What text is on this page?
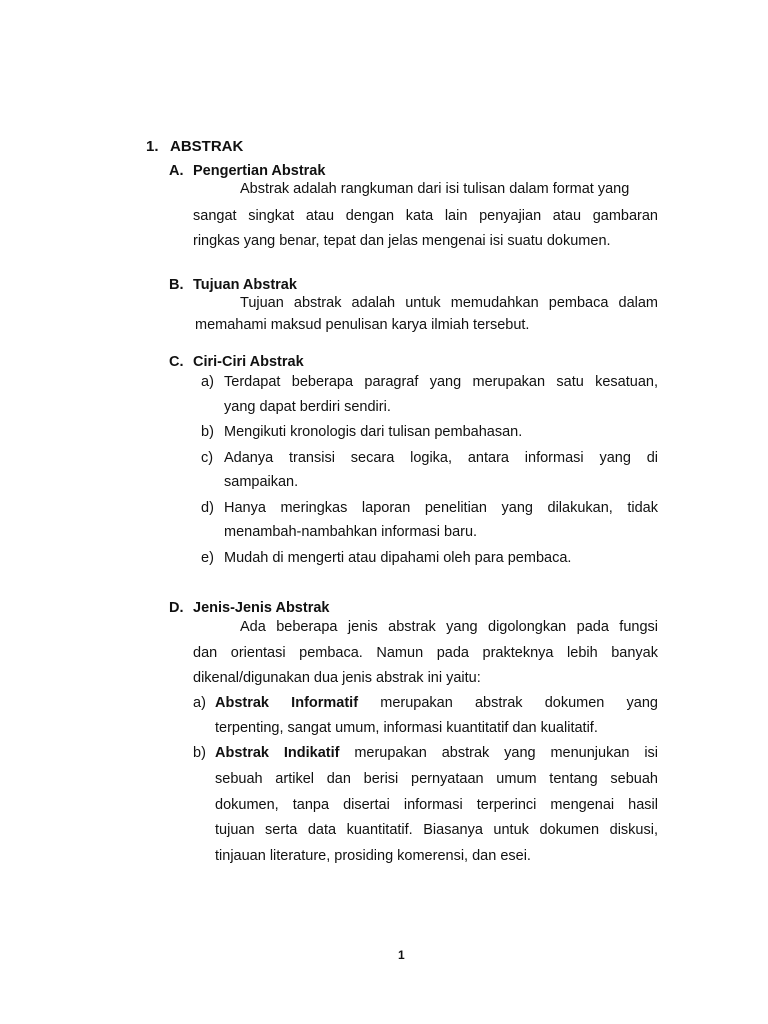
1. ABSTRAK
A. Pengertian Abstrak
Abstrak adalah rangkuman dari isi tulisan dalam format yang
sangat singkat atau dengan kata lain penyajian atau gambaran
ringkas yang benar, tepat dan jelas mengenai isi suatu dokumen.
B. Tujuan Abstrak
Tujuan abstrak adalah untuk memudahkan pembaca dalam
memahami maksud penulisan karya ilmiah tersebut.
C. Ciri-Ciri Abstrak
a) Terdapat beberapa paragraf yang merupakan satu kesatuan,
yang dapat berdiri sendiri.
b) Mengikuti kronologis dari tulisan pembahasan.
c) Adanya transisi secara logika, antara informasi yang di
sampaikan.
d) Hanya meringkas laporan penelitian yang dilakukan, tidak
menambah-nambahkan informasi baru.
e) Mudah di mengerti atau dipahami oleh para pembaca.
D. Jenis-Jenis Abstrak
Ada beberapa jenis abstrak yang digolongkan pada fungsi
dan orientasi pembaca. Namun pada prakteknya lebih banyak
dikenal/digunakan dua jenis abstrak ini yaitu:
a) Abstrak Informatif merupakan abstrak dokumen yang
terpenting, sangat umum, informasi kuantitatif dan kualitatif.
b) Abstrak Indikatif merupakan abstrak yang menunjukan isi
sebuah artikel dan berisi pernyataan umum tentang sebuah
dokumen, tanpa disertai informasi terperinci mengenai hasil
tujuan serta data kuantitatif. Biasanya untuk dokumen diskusi,
tinjauan literature, prosiding komerensi, dan esei.
1
